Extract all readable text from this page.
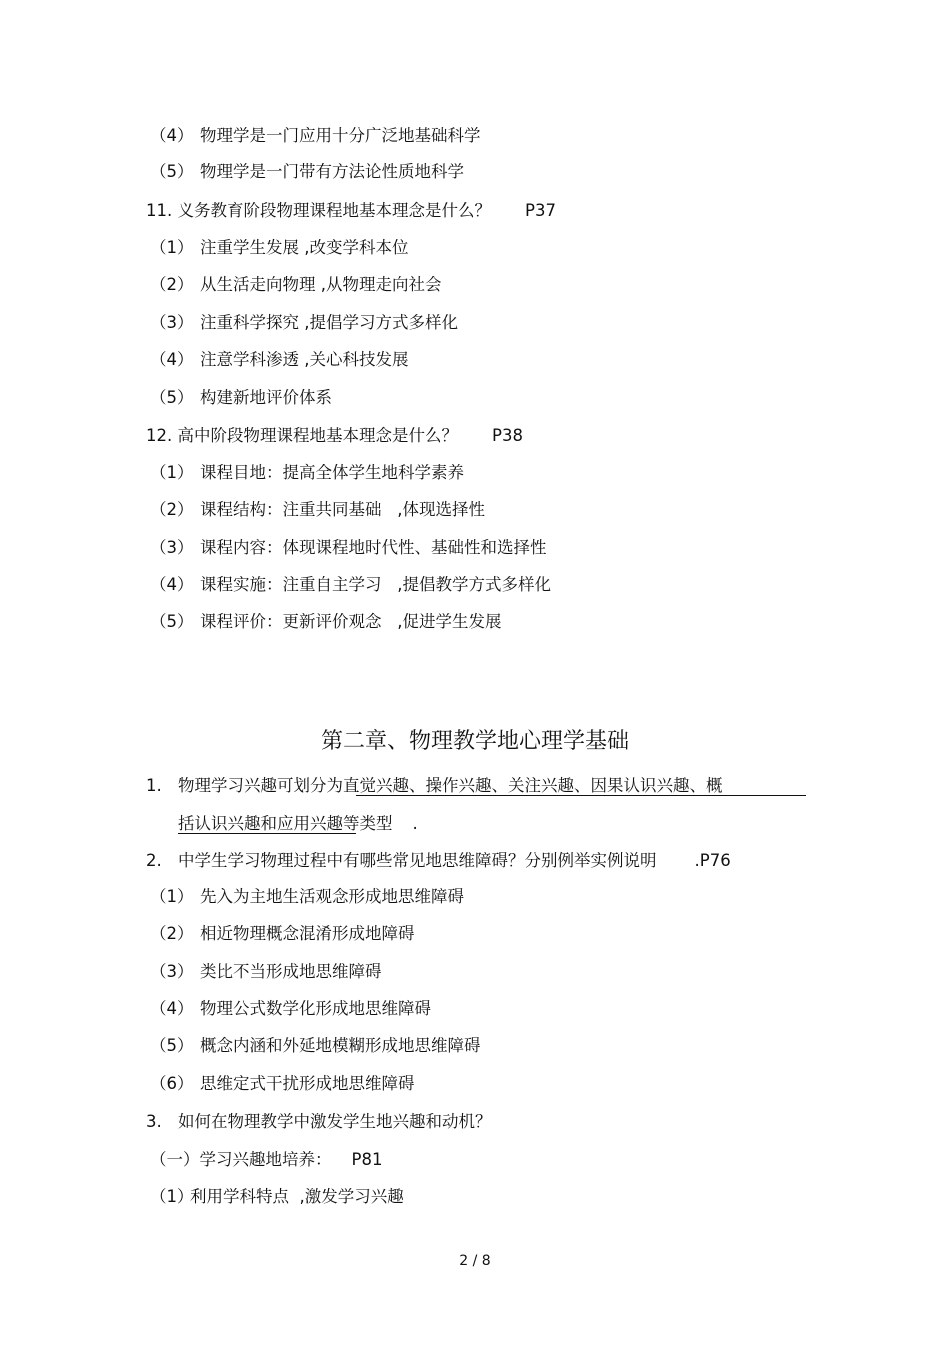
（4） 物理学是一门应用十分广泛地基础科学
（5） 物理学是一门带有方法论性质地科学
11. 义务教育阶段物理课程地基本理念是什么？ P37
（1） 注重学生发展 ,改变学科本位
（2） 从生活走向物理 ,从物理走向社会
（3） 注重科学探究 ,提倡学习方式多样化
（4） 注意学科渗透 ,关心科技发展
（5） 构建新地评价体系
12. 高中阶段物理课程地基本理念是什么？ P38
（1） 课程目地：提高全体学生地科学素养
（2） 课程结构：注重共同基础   ,体现选择性
（3） 课程内容：体现课程地时代性、基础性和选择性
（4） 课程实施：注重自主学习   ,提倡教学方式多样化
（5） 课程评价：更新评价观念   ,促进学生发展
第二章、物理教学地心理学基础
1. 物理学习兴趣可划分为直觉兴趣、操作兴趣、关注兴趣、因果认识兴趣、概
括认识兴趣和应用兴趣等类型 .
2. 中学生学习物理过程中有哪些常见地思维障碍？分别例举实例说明 .P76
（1） 先入为主地生活观念形成地思维障碍
（2） 相近物理概念混淆形成地障碍
（3） 类比不当形成地思维障碍
（4） 物理公式数学化形成地思维障碍
（5） 概念内涵和外延地模糊形成地思维障碍
（6） 思维定式干扰形成地思维障碍
3. 如何在物理教学中激发学生地兴趣和动机？
（一）学习兴趣地培养： P81
（1）利用学科特点  ,激发学习兴趣
2 / 8
